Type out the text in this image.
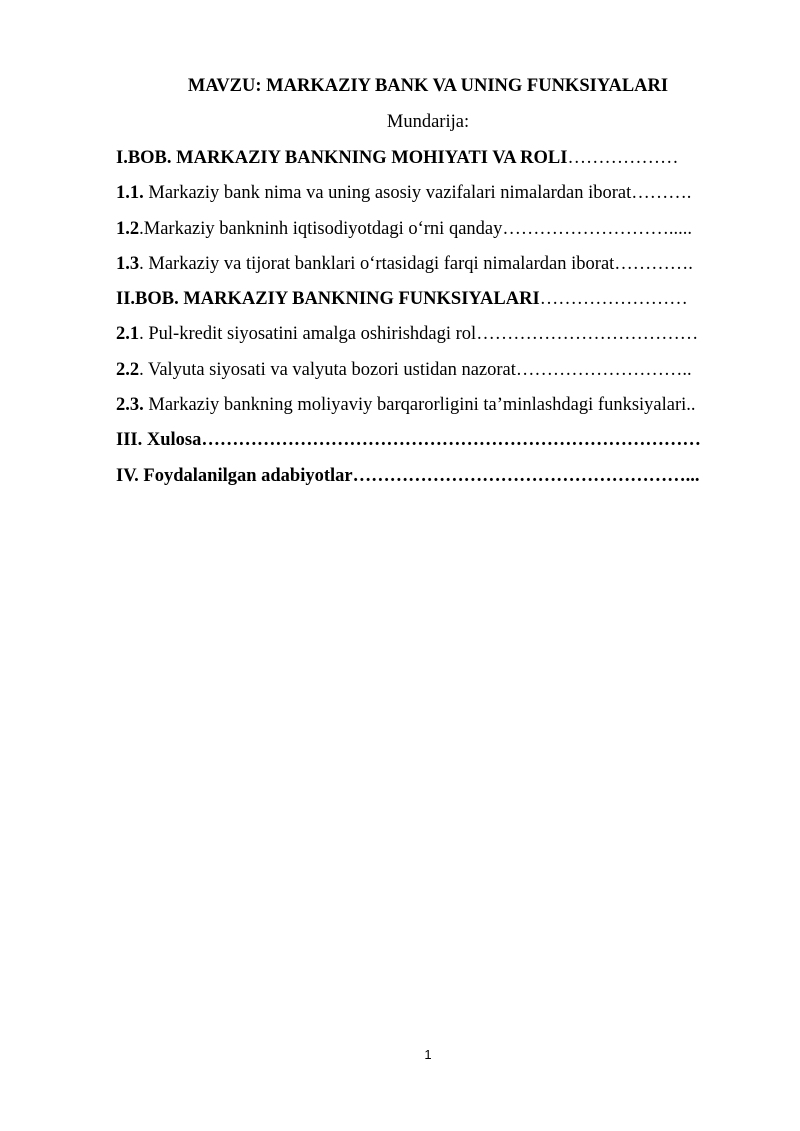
MAVZU: MARKAZIY BANK VA UNING FUNKSIYALARI
Mundarija:
I.BOB. MARKAZIY BANKNING MOHIYATI VA ROLI………………
1.1. Markaziy bank nima va uning asosiy vazifalari nimalardan iborat……….
1.2.Markaziy bankninh iqtisodiyotdagi o‘rni qanday……………………….....
1.3. Markaziy va tijorat banklari o‘rtasidagi farqi nimalardan iborat………….
II.BOB. MARKAZIY BANKNING FUNKSIYALARI……………………
2.1. Pul-kredit siyosatini amalga oshirishdagi rol………………………………
2.2. Valyuta siyosati va valyuta bozori ustidan nazorat………………………..
2.3. Markaziy bankning moliyaviy barqarorligini ta’minlashdagi funksiyalari..
III. Xulosa………………………………………………………………………
IV. Foydalanilgan adabiyotlar………………………………………………...
1
